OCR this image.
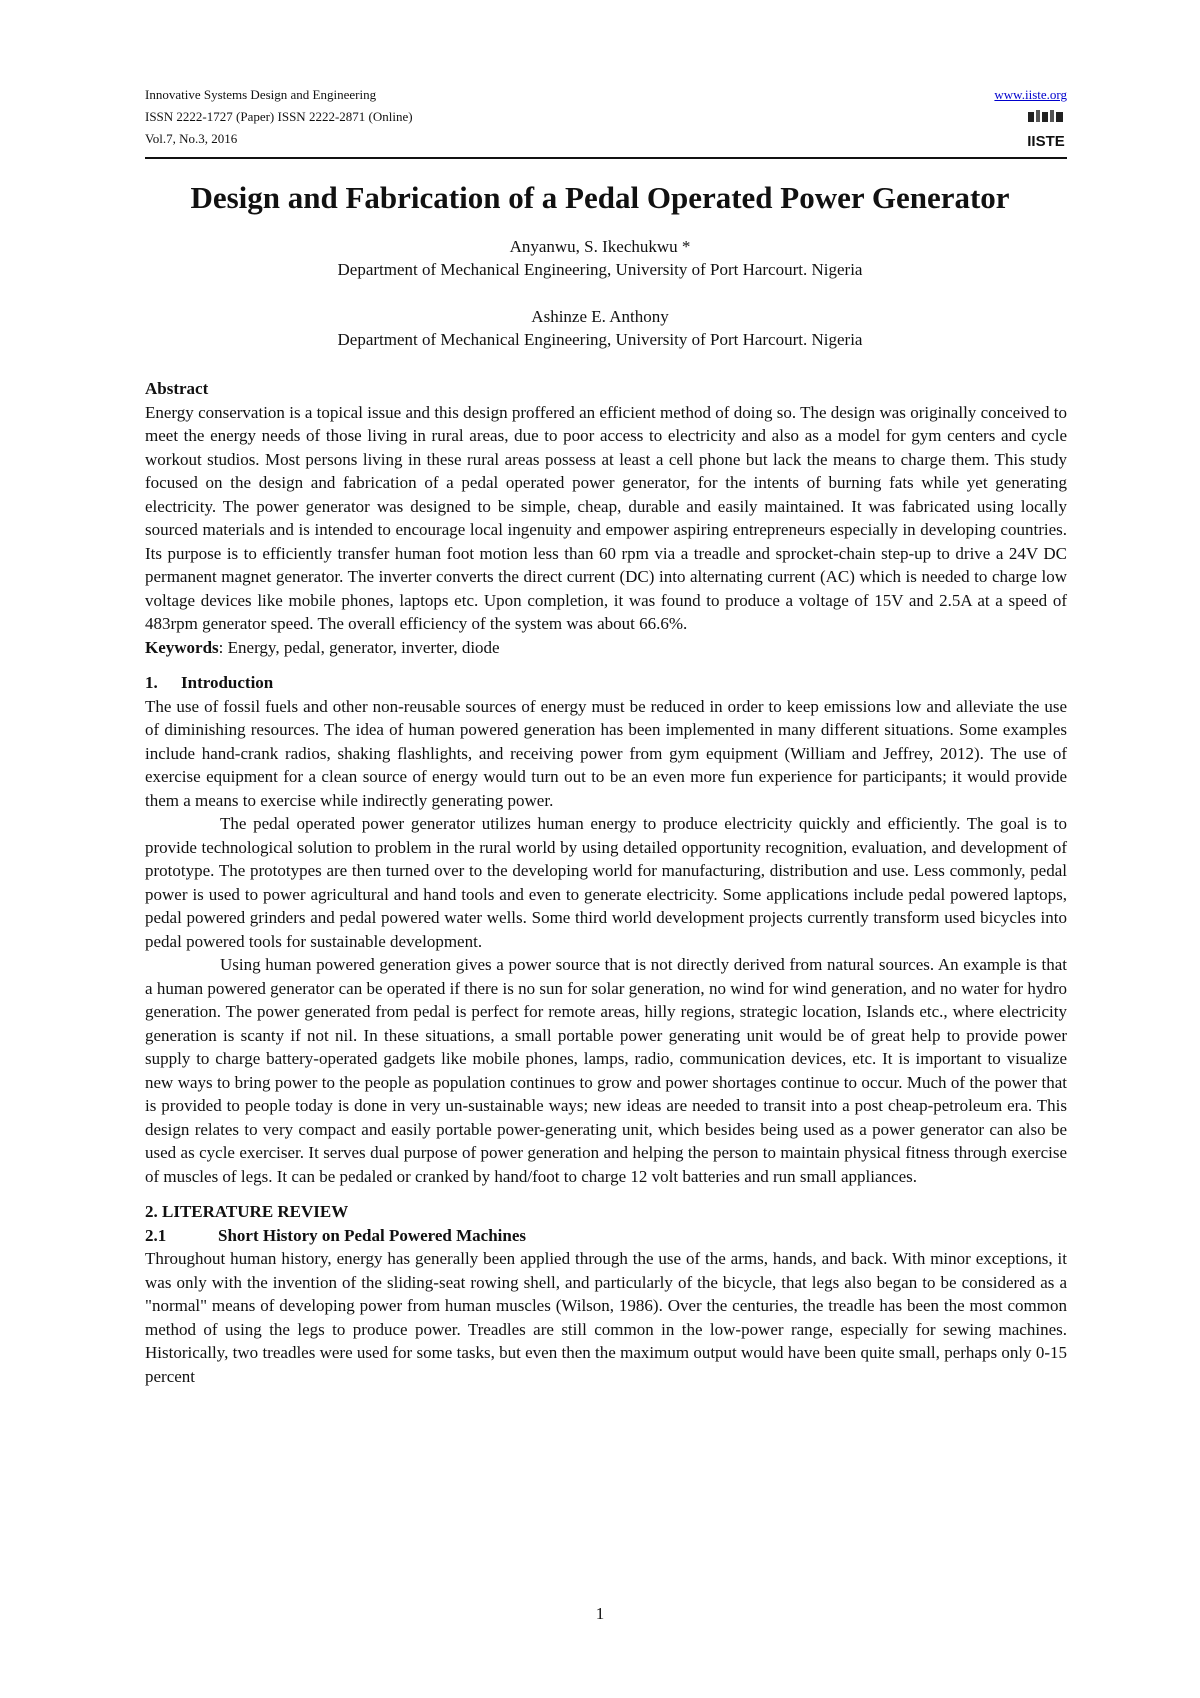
Innovative Systems Design and Engineering
ISSN 2222-1727 (Paper) ISSN 2222-2871 (Online)
Vol.7, No.3, 2016
www.iiste.org
IISTE
Design and Fabrication of a Pedal Operated Power Generator
Anyanwu, S. Ikechukwu *
Department of Mechanical Engineering, University of Port Harcourt. Nigeria
Ashinze E. Anthony
Department of Mechanical Engineering, University of Port Harcourt. Nigeria
Abstract

Energy conservation is a topical issue and this design proffered an efficient method of doing so. The design was originally conceived to meet the energy needs of those living in rural areas, due to poor access to electricity and also as a model for gym centers and cycle workout studios. Most persons living in these rural areas possess at least a cell phone but lack the means to charge them. This study focused on the design and fabrication of a pedal operated power generator, for the intents of burning fats while yet generating electricity. The power generator was designed to be simple, cheap, durable and easily maintained. It was fabricated using locally sourced materials and is intended to encourage local ingenuity and empower aspiring entrepreneurs especially in developing countries. Its purpose is to efficiently transfer human foot motion less than 60 rpm via a treadle and sprocket-chain step-up to drive a 24V DC permanent magnet generator. The inverter converts the direct current (DC) into alternating current (AC) which is needed to charge low voltage devices like mobile phones, laptops etc. Upon completion, it was found to produce a voltage of 15V and 2.5A at a speed of 483rpm generator speed. The overall efficiency of the system was about 66.6%.

Keywords: Energy, pedal, generator, inverter, diode

1. Introduction

The use of fossil fuels and other non-reusable sources of energy must be reduced in order to keep emissions low and alleviate the use of diminishing resources. The idea of human powered generation has been implemented in many different situations. Some examples include hand-crank radios, shaking flashlights, and receiving power from gym equipment (William and Jeffrey, 2012). The use of exercise equipment for a clean source of energy would turn out to be an even more fun experience for participants; it would provide them a means to exercise while indirectly generating power.

The pedal operated power generator utilizes human energy to produce electricity quickly and efficiently. The goal is to provide technological solution to problem in the rural world by using detailed opportunity recognition, evaluation, and development of prototype. The prototypes are then turned over to the developing world for manufacturing, distribution and use. Less commonly, pedal power is used to power agricultural and hand tools and even to generate electricity. Some applications include pedal powered laptops, pedal powered grinders and pedal powered water wells. Some third world development projects currently transform used bicycles into pedal powered tools for sustainable development.

Using human powered generation gives a power source that is not directly derived from natural sources. An example is that a human powered generator can be operated if there is no sun for solar generation, no wind for wind generation, and no water for hydro generation. The power generated from pedal is perfect for remote areas, hilly regions, strategic location, Islands etc., where electricity generation is scanty if not nil. In these situations, a small portable power generating unit would be of great help to provide power supply to charge battery-operated gadgets like mobile phones, lamps, radio, communication devices, etc. It is important to visualize new ways to bring power to the people as population continues to grow and power shortages continue to occur. Much of the power that is provided to people today is done in very un-sustainable ways; new ideas are needed to transit into a post cheap-petroleum era. This design relates to very compact and easily portable power-generating unit, which besides being used as a power generator can also be used as cycle exerciser. It serves dual purpose of power generation and helping the person to maintain physical fitness through exercise of muscles of legs. It can be pedaled or cranked by hand/foot to charge 12 volt batteries and run small appliances.

2. LITERATURE REVIEW
2.1	Short History on Pedal Powered Machines

Throughout human history, energy has generally been applied through the use of the arms, hands, and back. With minor exceptions, it was only with the invention of the sliding-seat rowing shell, and particularly of the bicycle, that legs also began to be considered as a "normal" means of developing power from human muscles (Wilson, 1986). Over the centuries, the treadle has been the most common method of using the legs to produce power. Treadles are still common in the low-power range, especially for sewing machines. Historically, two treadles were used for some tasks, but even then the maximum output would have been quite small, perhaps only 0-15 percent

1
